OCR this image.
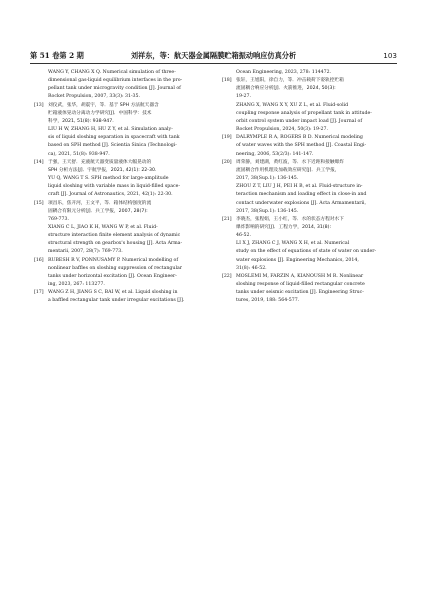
第 51 卷第 2 期	刘祥东，等：航天器金属隔膜贮箱振动响应仿真分析	103
WANG Y, CHANG X Q. Numerical simulation of three-
dimensional gas-liquid equilibrium interfaces in the pro-
pellant tank under microgravity condition [J]. Journal of
Rocket Propulsion, 2007, 33(3): 31-35.
[13] 刘仪武，张华，胡震宇，等．基于 SPH 方法航天器含
贮箱液体晃动分离动力学研究[J]．中国科学：技术
科学，2021, 51(8): 938-947.
LIU H W, ZHANG H, HU Z Y, et al. Simulation analy-
sis of liquid sloshing separation in spacecraft with tank
based on SPH method [J]. Scientia Sinica (Technologi-
ca), 2021, 51(8): 938-947.
[14] 于强，王天舒．充液航天器变质量液体大幅晃动的
SPH 分析方法[J]．宇航学报，2021, 42(1): 22-30.
YU Q, WANG T S. SPH method for large-amplitude
liquid sloshing with variable mass in liquid-filled space-
craft [J]. Journal of Astronautics, 2021, 42(1): 22-30.
[15] 项昌乐，焦开河，王文平，等．箱体结构强度的流
固耦合有限元分析[J]．兵工学报，2007, 28(7):
769-773.
XIANG C L, JIAO K H, WANG W P, et al. Fluid-
structure interaction finite element analysis of dynamic
structural strength on gearbox's housing [J]. Acta Arma-
mentarii, 2007, 28(7): 769-773.
[16] RUBESH R V, PONNUSAMY P. Numerical modelling of
nonlinear baffles on sloshing suppression of rectangular
tanks under horizontal excitation [J]. Ocean Engineer-
ing, 2023, 267: 113277.
[17] WANG Z H, JIANG S C, BAI W, et al. Liquid sloshing in
a baffled rectangular tank under irregular excitations [J].
Ocean Engineering, 2023, 278: 114472.
[18] 张轩，王旭阳，徐自力，等．冲击载荷下姿轨控贮箱
流固耦合响应分析[J]．火箭推进，2024, 50(3):
19-27.
ZHANG X, WANG X Y, XU Z L, et al. Fluid-solid
coupling response analysis of propellant tank in attitude-
orbit control system under impact load [J]. Journal of
Rocket Propulsion, 2024, 50(3): 19-27.
[19] DALRYMPLE R A, ROGERS B D. Numerical modeling
of water waves with the SPH method [J]. Coastal Engi-
neering, 2006, 53(2/3): 141-147.
[20] 周荣静，刘建湖，黄红波，等．水下近距和接触爆炸
流固耦合作用机理及加载效应研究[J]．兵工学报，
2017, 38(Sup.1): 136-145.
ZHOU Z T, LIU J H, PEI H B, et al. Fluid-structure in-
teraction mechanism and loading effect in close-in and
contact underwater explosions [J]. Acta Armamentarii,
2017, 38(Sup.1): 136-145.
[21] 李晓杰，张程娟，王小红，等．水的状态方程对水下
爆炸影响的研究[J]．工程力学，2014, 31(8):
46-52.
LI X J, ZHANG C J, WANG X H, et al. Numerical
study on the effect of equations of state of water on under-
water explosions [J]. Engineering Mechanics, 2014,
31(8): 46-52.
[22] MOSLEMI M, FARZIN A, KIANOUSH M R. Nonlinear
sloshing response of liquid-filled rectangular concrete
tanks under seismic excitation [J]. Engineering Struc-
tures, 2019, 188: 564-577.
